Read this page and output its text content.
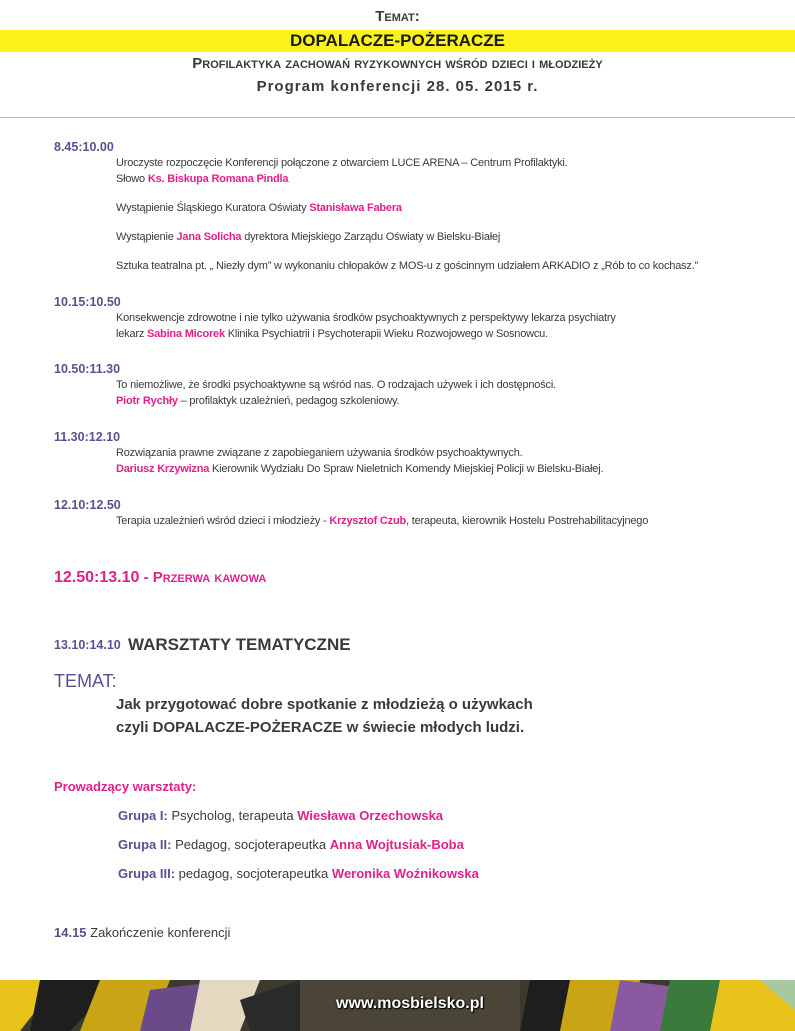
Temat:
DOPALACZE-POŻERACZE
Profilaktyka zachowań ryzykownych wśród dzieci i młodzieży
Program konferencji 28. 05. 2015 r.
8.45:10.00
Uroczyste rozpoczęcie Konferencji połączone z otwarciem LUCE ARENA – Centrum Profilaktyki.
Słowo Ks. Biskupa Romana Pindla
Wystąpienie Śląskiego Kuratora Oświaty Stanisława Fabera
Wystąpienie Jana Solicha dyrektora Miejskiego Zarządu Oświaty w Bielsku-Białej
Sztuka teatralna pt. „ Niezły dym” w wykonaniu chłopaków z MOS-u z gościnnym udziałem ARKADIO z „Rób to co kochasz.”
10.15:10.50
Konsekwencje zdrowotne i nie tylko używania środków psychoaktywnych z perspektywy lekarza psychiatry
lekarz Sabina Micorek Klinika Psychiatrii i Psychoterapii Wieku Rozwojowego w Sosnowcu.
10.50:11.30
To niemożliwe, że środki psychoaktywne są wśród nas. O rodzajach używek i ich dostępności.
Piotr Rychły – profilaktyk uzależnień, pedagog szkoleniowy.
11.30:12.10
Rozwiązania prawne związane z zapobieganiem używania środków psychoaktywnych.
Dariusz Krzywizna Kierownik Wydziału Do Spraw Nieletnich Komendy Miejskiej Policji w Bielsku-Białej.
12.10:12.50
Terapia uzależnień wśród dzieci i młodzieży - Krzysztof Czub, terapeuta, kierownik Hostelu Postrehabilitacyjnego
12.50:13.10 - Przerwa kawowa
13.10:14.10 WARSZTATY TEMATYCZNE
TEMAT:
Jak przygotować dobre spotkanie z młodzieżą o używkach
czyli DOPALACZE-POŻERACZE w świecie młodych ludzi.
Prowadzący warsztaty:
Grupa I: Psycholog, terapeuta Wiesława Orzechowska
Grupa II: Pedagog, socjoterapeutka Anna Wojtusiak-Boba
Grupa III: pedagog, socjoterapeutka Weronika Woźnikowska
14.15 Zakończenie konferencji
www.mosbielsko.pl
